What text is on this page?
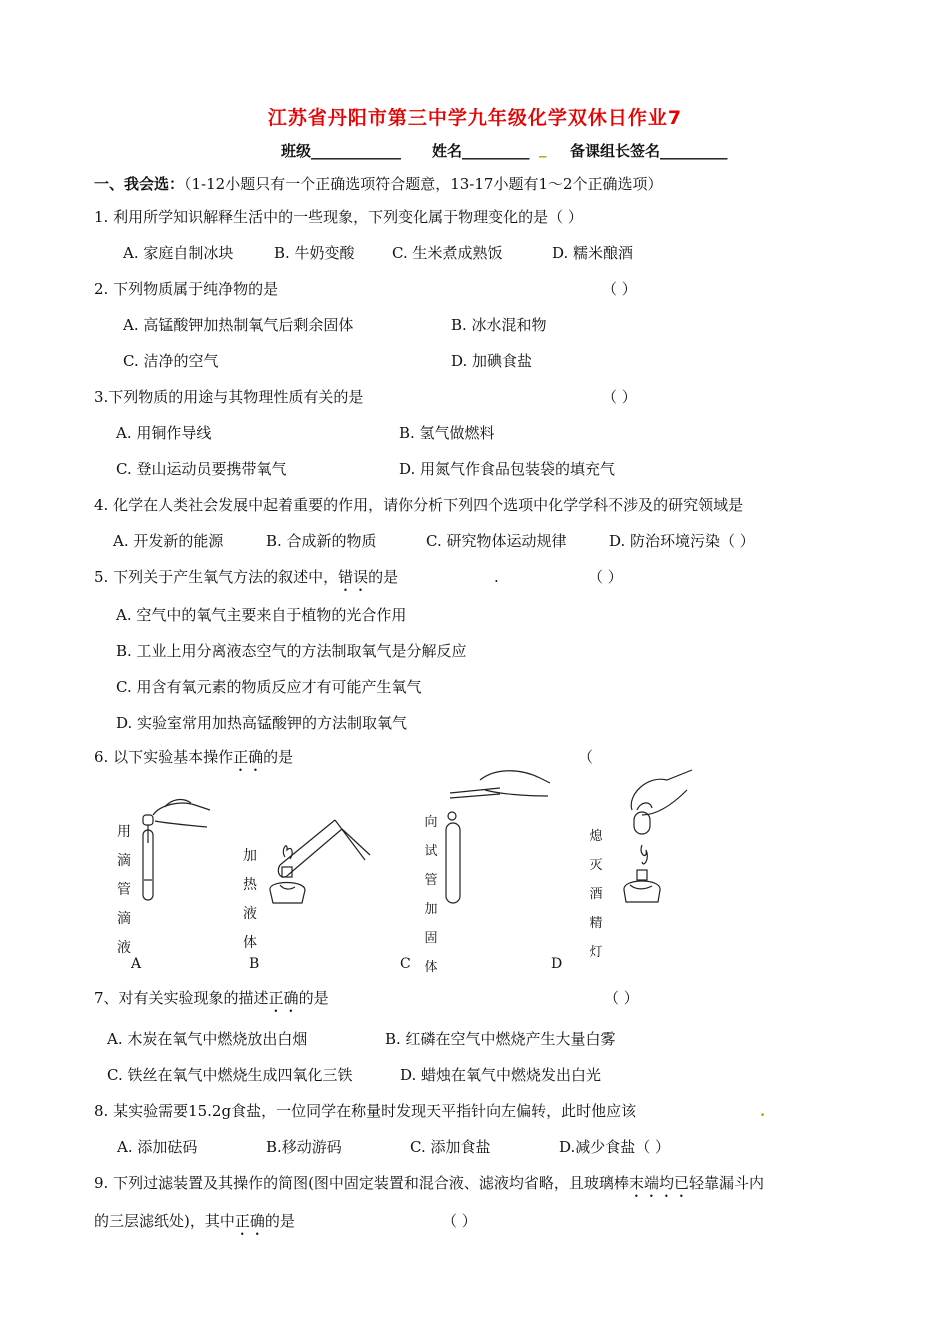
江苏省丹阳市第三中学九年级化学双休日作业7
班级____________ 姓名_________ _ 备课组长签名_________
一、我会选：（1-12小题只有一个正确选项符合题意，13-17小题有1～2个正确选项）
1. 利用所学知识解释生活中的一些现象，下列变化属于物理变化的是（ ）
A. 家庭自制冰块	B. 牛奶变酸 C. 生米煮成熟饭	D. 糯米酿酒
2. 下列物质属于纯净物的是	（ ）
A. 高锰酸钾加热制氧气后剩余固体	B. 冰水混和物
C. 洁净的空气	D. 加碘食盐
3.下列物质的用途与其物理性质有关的是	（ ）
A. 用铜作导线	B. 氢气做燃料
C. 登山运动员要携带氧气	D. 用氮气作食品包装袋的填充气
4. 化学在人类社会发展中起着重要的作用，请你分析下列四个选项中化学学科不涉及的研究领域是
A. 开发新的能源	B. 合成新的物质	C. 研究物体运动规律	D. 防治环境污染（ ）
5. 下列关于产生氧气方法的叙述中，错误的是	.	（ ）
A. 空气中的氧气主要来自于植物的光合作用
B. 工业上用分离液态空气的方法制取氧气是分解反应
C. 用含有氧元素的物质反应才有可能产生氧气
D. 实验室常用加热高锰酸钾的方法制取氧气
6. 以下实验基本操作正确的是	（
用滴管滴液
A
加热液体
B
向试管加固体
C
熄灭酒精灯
D
7、对有关实验现象的描述正确的是	（ ）
A. 木炭在氧气中燃烧放出白烟	B. 红磷在空气中燃烧产生大量白雾
C. 铁丝在氧气中燃烧生成四氧化三铁	D. 蜡烛在氧气中燃烧发出白光
8. 某实验需要15.2g食盐，一位同学在称量时发现天平指针向左偏转，此时他应该	.
A. 添加砝码	B.移动游码	C. 添加食盐	D.减少食盐（ ）
9. 下列过滤装置及其操作的简图(图中固定装置和混合液、滤液均省略，且玻璃棒末端均已轻靠漏斗内
的三层滤纸处)，其中正确的是	（ ）
